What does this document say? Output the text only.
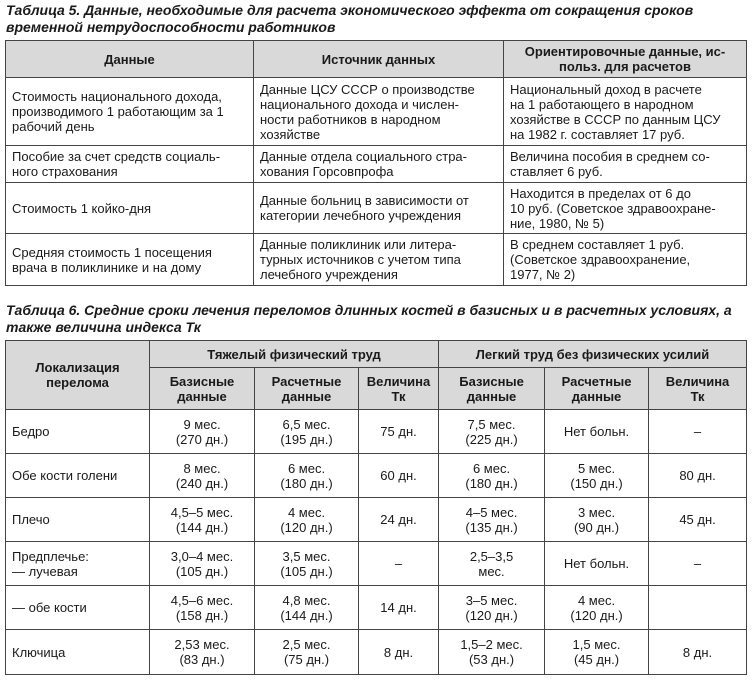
Таблица 5. Данные, необходимые для расчета экономического эффекта от сокращения сроков временной нетрудоспособности работников
Данные	Источник данных	Ориентировочные данные, ис-
польз. для расчетов
Стоимость национального дохода,
производимого 1 работающим за 1
рабочий день	Данные ЦСУ СССР о производстве
национального дохода и числен-
ности работников в народном
хозяйстве	Национальный доход в расчете
на 1 работающего в народном
хозяйстве в СССР по данным ЦСУ
на 1982 г. составляет 17 руб.
Пособие за счет средств социаль-
ного страхования	Данные отдела социального стра-
хования Горсовпрофа	Величина пособия в среднем со-
ставляет 6 руб.
Стоимость 1 койко-дня	Данные больниц в зависимости от
категории лечебного учреждения	Находится в пределах от 6 до
10 руб. (Советское здравоохране-
ние, 1980, № 5)
Средняя стоимость 1 посещения
врача в поликлинике и на дому	Данные поликлиник или литера-
турных источников с учетом типа
лечебного учреждения	В среднем составляет 1 руб.
(Советское здравоохранение,
1977, № 2)
Таблица 6. Средние сроки лечения переломов длинных костей в базисных и в расчетных условиях, а также величина индекса Тк
Локализация
перелома	Тяжелый физический труд			Легкий труд без физических усилий		
	Базисные
данные	Расчетные
данные	Величина
Тк	Базисные
данные	Расчетные
данные	Величина
Тк
Бедро	9 мес.
(270 дн.)	6,5 мес.
(195 дн.)	75 дн.	7,5 мес.
(225 дн.)	Нет больн.	–
Обе кости голени	8 мес.
(240 дн.)	6 мес.
(180 дн.)	60 дн.	6 мес.
(180 дн.)	5 мес.
(150 дн.)	80 дн.
Плечо	4,5–5 мес.
(144 дн.)	4 мес.
(120 дн.)	24 дн.	4–5 мес.
(135 дн.)	3 мес.
(90 дн.)	45 дн.
Предплечье:
— лучевая	3,0–4 мес.
(105 дн.)	3,5 мес.
(105 дн.)	–	2,5–3,5
мес.	Нет больн.	–
— обе кости	4,5–6 мес.
(158 дн.)	4,8 мес.
(144 дн.)	14 дн.	3–5 мес.
(120 дн.)	4 мес.
(120 дн.)	
Ключица	2,53 мес.
(83 дн.)	2,5 мес.
(75 дн.)	8 дн.	1,5–2 мес.
(53 дн.)	1,5 мес.
(45 дн.)	8 дн.
